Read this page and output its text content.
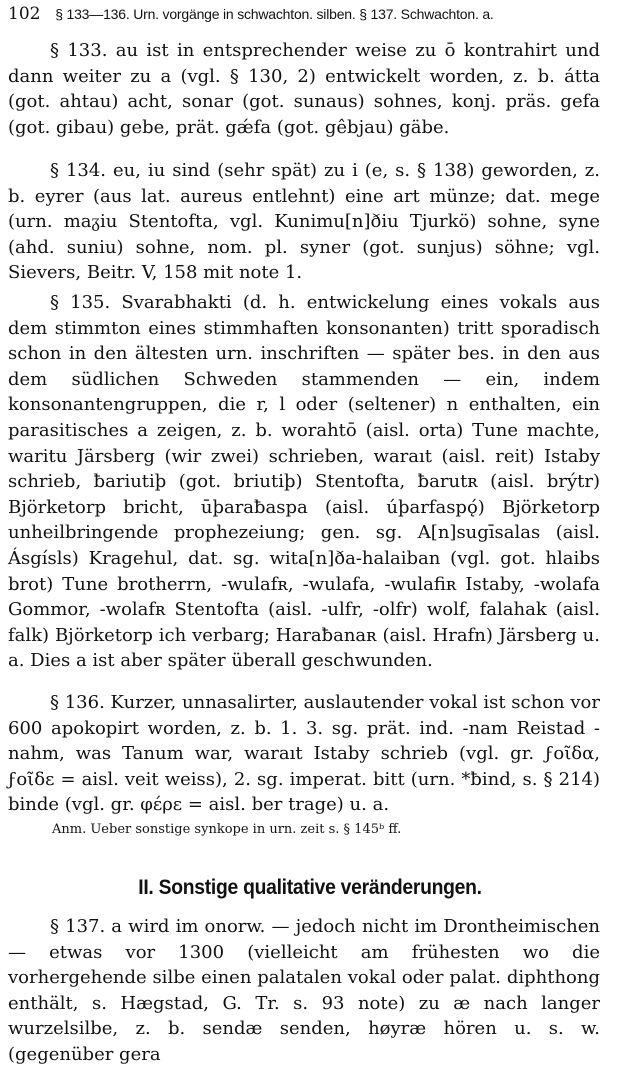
102 § 133—136. Urn. vorgänge in schwachton. silben. § 137. Schwachton. a.

§ 133. au ist in entsprechender weise zu ō kontrahirt und dann weiter zu a (vgl. § 130, 2) entwickelt worden, z. b. átta (got. ahtau) acht, sonar (got. sunaus) sohnes, konj. präs. gefa (got. gibau) gebe, prät. gǽfa (got. gêbjau) gäbe.

§ 134. eu, iu sind (sehr spät) zu i (e, s. § 138) geworden, z. b. eyrer (aus lat. aureus entlehnt) eine art münze; dat. mege (urn. maᵹiu Stentofta, vgl. Kunimu[n]ðiu Tjurkö) sohne, syne (ahd. suniu) sohne, nom. pl. syner (got. sunjus) söhne; vgl. Sievers, Beitr. V, 158 mit note 1.

§ 135. Svarabhakti (d. h. entwickelung eines vokals aus dem stimmton eines stimmhaften konsonanten) tritt sporadisch schon in den ältesten urn. inschriften — später bes. in den aus dem südlichen Schweden stammenden — ein, indem konsonantengruppen, die r, l oder (seltener) n enthalten, ein parasitisches a zeigen, z. b. worahtō (aisl. orta) Tune machte, waritu Järsberg (wir zwei) schrieben, waraıt (aisl. reit) Istaby schrieb, ƀariutiþ (got. briutiþ) Stentofta, ƀarutʀ (aisl. brýtr) Björketorp bricht, ūþaraƀaspa (aisl. úþarfaspǫ́) Björketorp unheilbringende prophezeiung; gen. sg. A[n]sugīsalas (aisl. Ásgísls) Kragehul, dat. sg. wita[n]ða-halaiban (vgl. got. hlaibs brot) Tune brotherrn, -wulafʀ, -wulafa, -wulafiʀ Istaby, -wolafa Gommor, -wolafʀ Stentofta (aisl. -ulfr, -olfr) wolf, falahak (aisl. falk) Björketorp ich verbarg; Haraƀanaʀ (aisl. Hrafn) Järsberg u. a. Dies a ist aber später überall geschwunden.

§ 136. Kurzer, unnasalirter, auslautender vokal ist schon vor 600 apokopirt worden, z. b. 1. 3. sg. prät. ind. -nam Reistad -nahm, was Tanum war, waraıt Istaby schrieb (vgl. gr. ϝοῖδα, ϝοῖδε = aisl. veit weiss), 2. sg. imperat. bitt (urn. *ƀind, s. § 214) binde (vgl. gr. φέρε = aisl. ber trage) u. a.

Anm. Ueber sonstige synkope in urn. zeit s. § 145ᵇ ff.
II. Sonstige qualitative veränderungen.

§ 137. a wird im onorw. — jedoch nicht im Drontheimischen — etwas vor 1300 (vielleicht am frühesten wo die vorhergehende silbe einen palatalen vokal oder palat. diphthong enthält, s. Hægstad, G. Tr. s. 93 note) zu æ nach langer wurzelsilbe, z. b. sendæ senden, høyræ hören u. s. w. (gegenüber gera
